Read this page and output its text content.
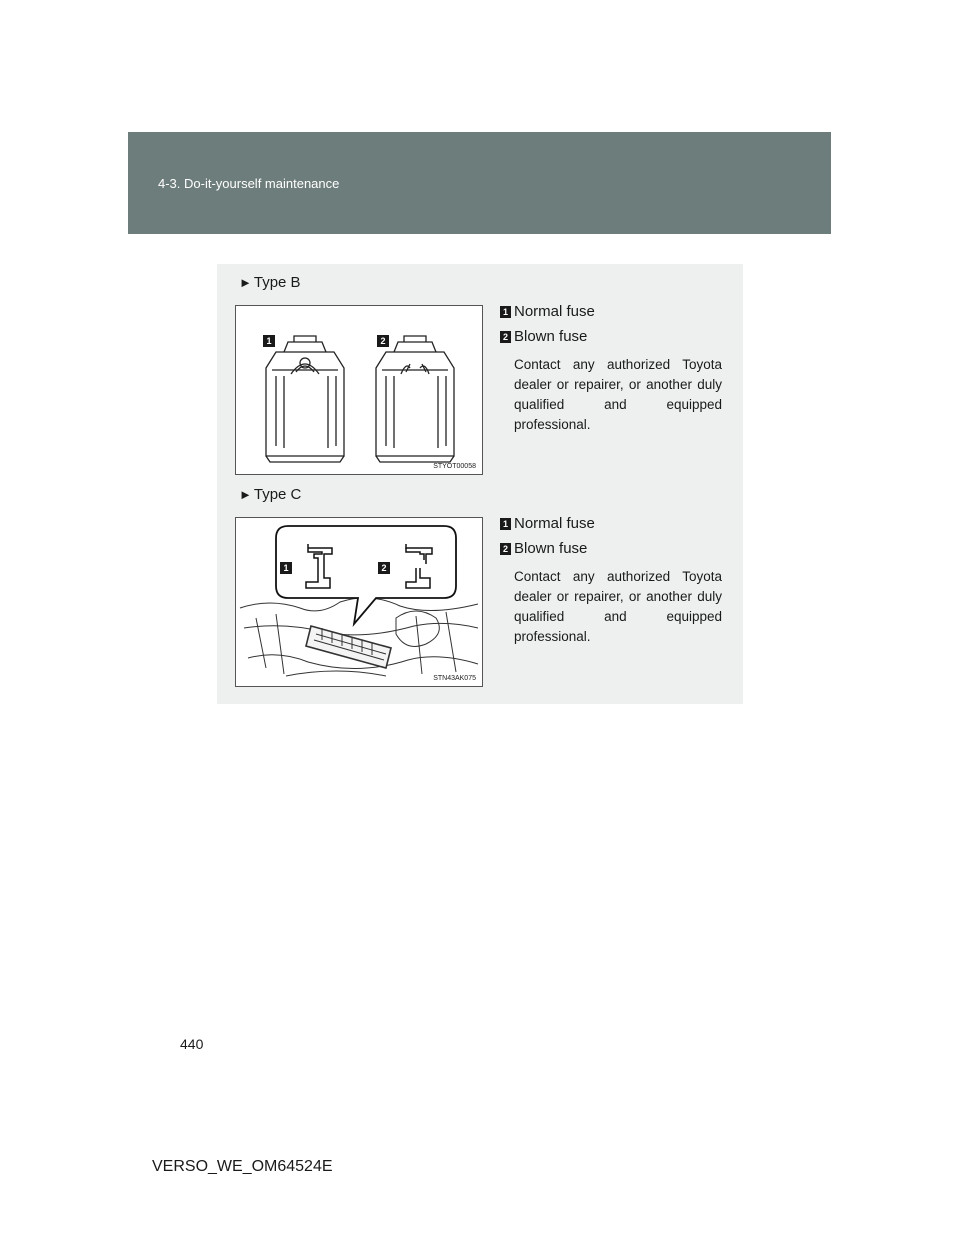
4-3. Do-it-yourself maintenance
► Type B
1	2
STYOT00058
1 Normal fuse
2 Blown fuse
Contact any authorized Toyota dealer or repairer, or another duly qualified and equipped professional.
► Type C
1	2
STN43AK075
1 Normal fuse
2 Blown fuse
Contact any authorized Toyota dealer or repairer, or another duly qualified and equipped professional.
440
VERSO_WE_OM64524E
